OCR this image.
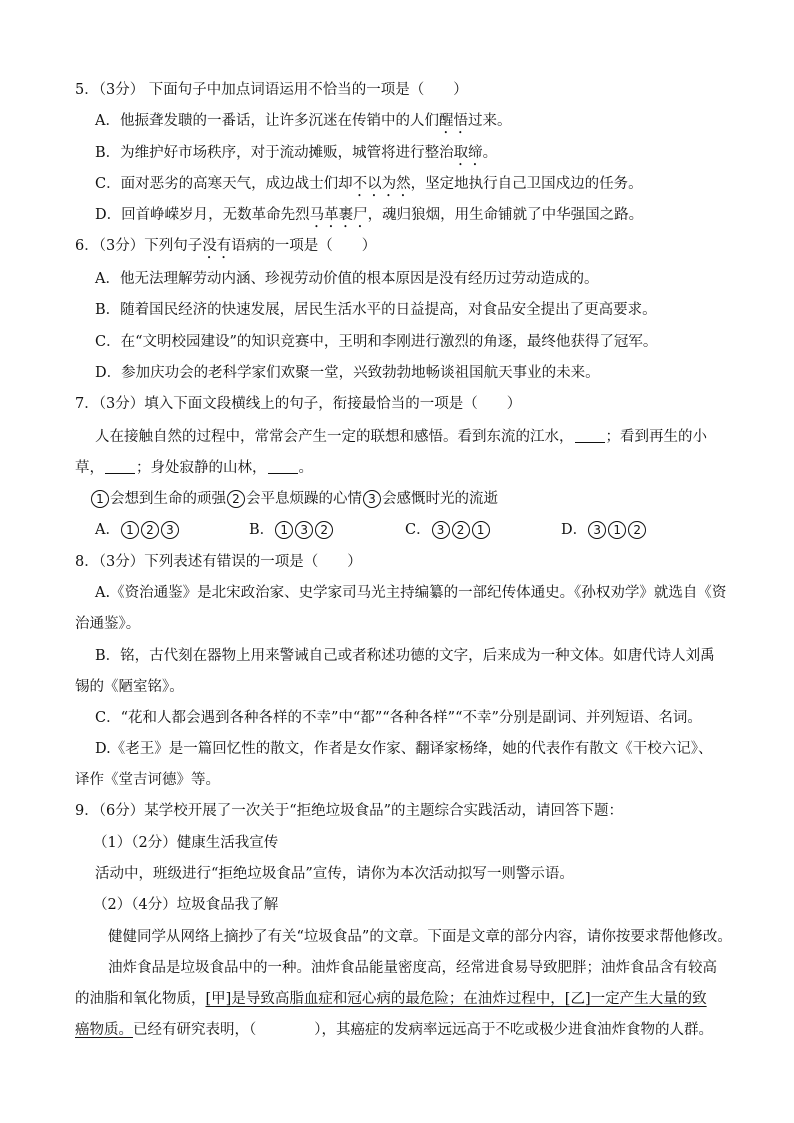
5．（3分） 下面句子中加点词语运用不恰当的一项是（　　）
A．他振聋发聩的一番话，让许多沉迷在传销中的人们醒悟过来。
B．为维护好市场秩序，对于流动摊贩，城管将进行整治取缔。
C．面对恶劣的高寒天气，成边战士们却不以为然，坚定地执行自己卫国戍边的任务。
D．回首峥嵘岁月，无数革命先烈马革裹尸，魂归狼烟，用生命铺就了中华强国之路。
6．（3分）下列句子没有语病的一项是（　　）
A．他无法理解劳动内涵、珍视劳动价值的根本原因是没有经历过劳动造成的。
B．随着国民经济的快速发展，居民生活水平的日益提高，对食品安全提出了更高要求。
C．在“文明校园建设”的知识竞赛中，王明和李刚进行激烈的角逐，最终他获得了冠军。
D．参加庆功会的老科学家们欢聚一堂，兴致勃勃地畅谈祖国航天事业的未来。
7．（3分）填入下面文段横线上的句子，衔接最恰当的一项是（　　）
人在接触自然的过程中，常常会产生一定的联想和感悟。看到东流的江水， ；看到再生的小
草， ；身处寂静的山林， 。
1 会想到生命的顽强 2 会平息烦躁的心情 3 会感慨时光的流逝
A． 1 2 3	B． 1 3 2	C． 3 2 1	D． 3 1 2
8．（3分）下列表述有错误的一项是（　　）
A.《资治通鉴》是北宋政治家、史学家司马光主持编纂的一部纪传体通史。《孙权劝学》就选自《资
治通鉴》。
B．铭，古代刻在器物上用来警诫自己或者称述功德的文字，后来成为一种文体。如唐代诗人刘禹
锡的《陋室铭》。
C．“花和人都会遇到各种各样的不幸”中“都”“各种各样”“不幸”分别是副词、并列短语、名词。
D.《老王》是一篇回忆性的散文，作者是女作家、翻译家杨绛，她的代表作有散文《干校六记》、
译作《堂吉诃德》等。
9．（6分）某学校开展了一次关于“拒绝垃圾食品”的主题综合实践活动，请回答下题：
（1）（2分）健康生活我宣传
活动中，班级进行“拒绝垃圾食品”宣传，请你为本次活动拟写一则警示语。
（2）（4分）垃圾食品我了解
健健同学从网络上摘抄了有关“垃圾食品”的文章。下面是文章的部分内容，请你按要求帮他修改。
油炸食品是垃圾食品中的一种。油炸食品能量密度高，经常进食易导致肥胖；油炸食品含有较高
的油脂和氧化物质，[甲]是导致高脂血症和冠心病的最危险；在油炸过程中，[乙]一定产生大量的致
癌物质。已经有研究表明，（　　　　），其癌症的发病率远远高于不吃或极少进食油炸食物的人群。
